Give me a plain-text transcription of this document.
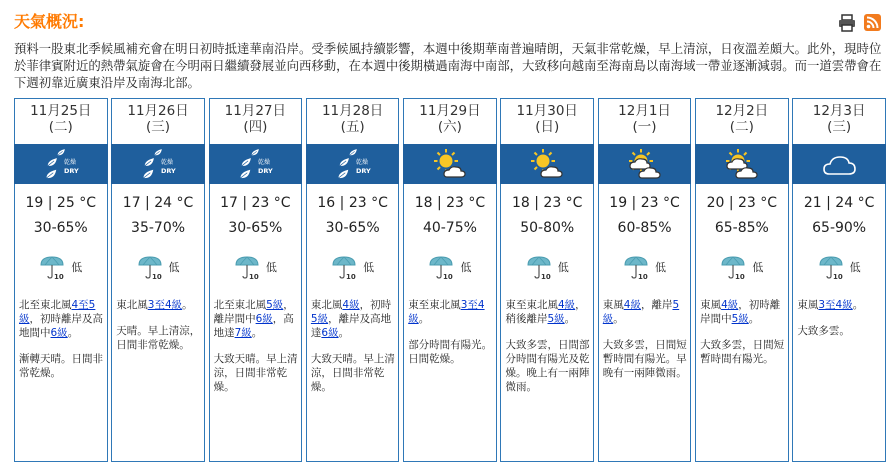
天氣概況:
預料一股東北季候風補充會在明日初時抵達華南沿岸。受季候風持續影響，本週中後期華南普遍晴朗，天氣非常乾燥，早上清涼，日夜溫差頗大。此外，現時位於菲律賓附近的熱帶氣旋會在今明兩日繼續發展並向西移動，在本週中後期橫過南海中南部，大致移向越南至海南島以南海域一帶並逐漸減弱。而一道雲帶會在下週初靠近廣東沿岸及南海北部。
11月25日
(二)
乾燥
DRY
19 | 25 °C
30-65%
10
低
北至東北風4至5級，初時離岸及高地間中6級。
漸轉天晴。日間非常乾燥。
11月26日
(三)
乾燥
DRY
17 | 24 °C
35-70%
10
低
東北風3至4級。
天晴。早上清涼，日間非常乾燥。
11月27日
(四)
乾燥
DRY
17 | 23 °C
30-65%
10
低
北至東北風5級，離岸間中6級，高地達7級。
大致天晴。早上清涼，日間非常乾燥。
11月28日
(五)
乾燥
DRY
16 | 23 °C
30-65%
10
低
東北風4級，初時5級，離岸及高地達6級。
大致天晴。早上清涼，日間非常乾燥。
11月29日
(六)
18 | 23 °C
40-75%
10
低
東至東北風3至4級。
部分時間有陽光。日間乾燥。
11月30日
(日)
18 | 23 °C
50-80%
10
低
東至東北風4級，稍後離岸5級。
大致多雲，日間部分時間有陽光及乾燥。晚上有一兩陣微雨。
12月1日
(一)
19 | 23 °C
60-85%
10
低
東風4級，離岸5級。
大致多雲，日間短暫時間有陽光。早晚有一兩陣微雨。
12月2日
(二)
20 | 23 °C
65-85%
10
低
東風4級，初時離岸間中5級。
大致多雲，日間短暫時間有陽光。
12月3日
(三)
21 | 24 °C
65-90%
10
低
東風3至4級。
大致多雲。
